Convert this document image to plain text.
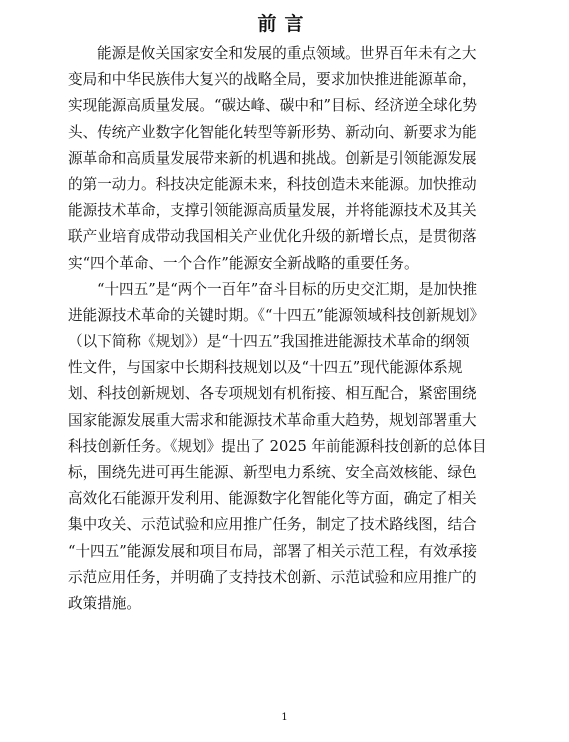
前言
能源是攸关国家安全和发展的重点领域。世界百年未有之大
变局和中华民族伟大复兴的战略全局，要求加快推进能源革命，
实现能源高质量发展。“碳达峰、碳中和”目标、经济逆全球化势
头、传统产业数字化智能化转型等新形势、新动向、新要求为能
源革命和高质量发展带来新的机遇和挑战。创新是引领能源发展
的第一动力。科技决定能源未来，科技创造未来能源。加快推动
能源技术革命，支撑引领能源高质量发展，并将能源技术及其关
联产业培育成带动我国相关产业优化升级的新增长点，是贯彻落
实“四个革命、一个合作”能源安全新战略的重要任务。
“十四五”是“两个一百年”奋斗目标的历史交汇期，是加快推
进能源技术革命的关键时期。《“十四五”能源领域科技创新规划》
（以下简称《规划》）是“十四五”我国推进能源技术革命的纲领
性文件，与国家中长期科技规划以及“十四五”现代能源体系规
划、科技创新规划、各专项规划有机衔接、相互配合，紧密围绕
国家能源发展重大需求和能源技术革命重大趋势，规划部署重大
科技创新任务。《规划》提出了 2025 年前能源科技创新的总体目
标，围绕先进可再生能源、新型电力系统、安全高效核能、绿色
高效化石能源开发利用、能源数字化智能化等方面，确定了相关
集中攻关、示范试验和应用推广任务，制定了技术路线图，结合
“十四五”能源发展和项目布局，部署了相关示范工程，有效承接
示范应用任务，并明确了支持技术创新、示范试验和应用推广的
政策措施。
1
